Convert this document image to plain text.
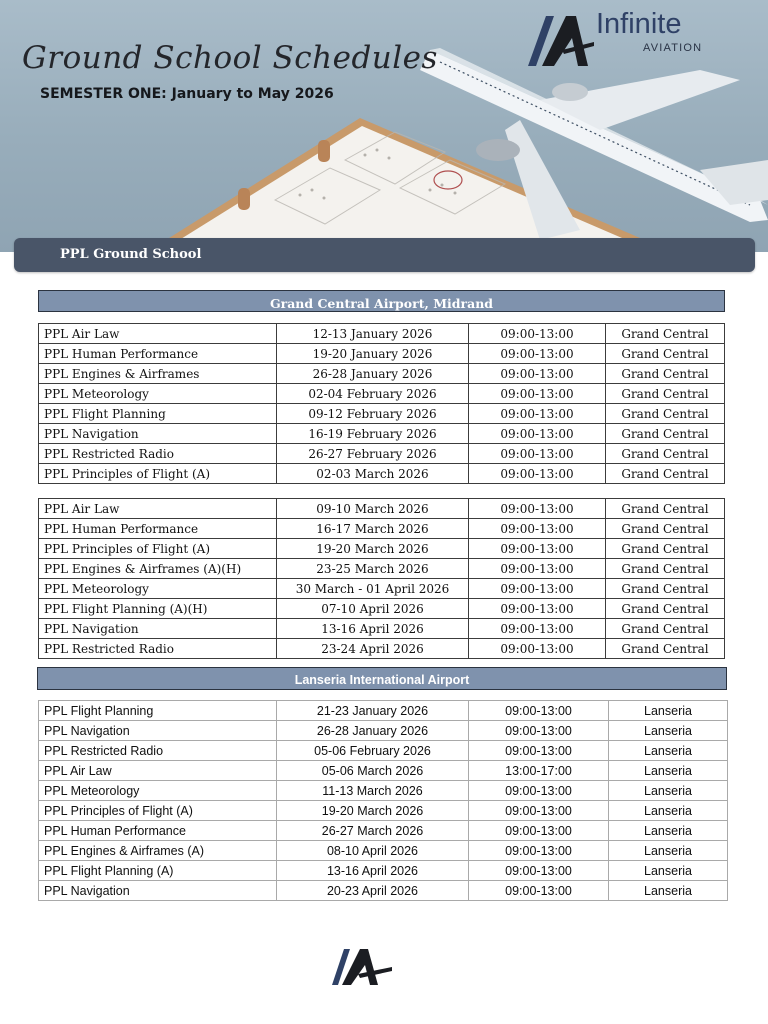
Ground School Schedules
SEMESTER ONE: January to May 2026
Infinite
AVIATION
PPL Ground School
Grand Central Airport, Midrand
PPL Air Law	12-13 January 2026	09:00-13:00	Grand Central
PPL Human Performance	19-20 January 2026	09:00-13:00	Grand Central
PPL Engines & Airframes	26-28 January 2026	09:00-13:00	Grand Central
PPL Meteorology	02-04 February 2026	09:00-13:00	Grand Central
PPL Flight Planning	09-12 February 2026	09:00-13:00	Grand Central
PPL Navigation	16-19 February 2026	09:00-13:00	Grand Central
PPL Restricted Radio	26-27 February 2026	09:00-13:00	Grand Central
PPL Principles of Flight (A)	02-03 March 2026	09:00-13:00	Grand Central
PPL Air Law	09-10 March 2026	09:00-13:00	Grand Central
PPL Human Performance	16-17 March 2026	09:00-13:00	Grand Central
PPL Principles of Flight (A)	19-20 March 2026	09:00-13:00	Grand Central
PPL Engines & Airframes (A)(H)	23-25 March 2026	09:00-13:00	Grand Central
PPL Meteorology	30 March - 01 April 2026	09:00-13:00	Grand Central
PPL Flight Planning (A)(H)	07-10 April 2026	09:00-13:00	Grand Central
PPL Navigation	13-16 April 2026	09:00-13:00	Grand Central
PPL Restricted Radio	23-24 April 2026	09:00-13:00	Grand Central
Lanseria International Airport
PPL Flight Planning	21-23 January 2026	09:00-13:00	Lanseria
PPL Navigation	26-28 January 2026	09:00-13:00	Lanseria
PPL Restricted Radio	05-06 February 2026	09:00-13:00	Lanseria
PPL Air Law	05-06 March 2026	13:00-17:00	Lanseria
PPL Meteorology	11-13 March 2026	09:00-13:00	Lanseria
PPL Principles of Flight (A)	19-20 March 2026	09:00-13:00	Lanseria
PPL Human Performance	26-27 March 2026	09:00-13:00	Lanseria
PPL Engines & Airframes (A)	08-10 April 2026	09:00-13:00	Lanseria
PPL Flight Planning (A)	13-16 April 2026	09:00-13:00	Lanseria
PPL Navigation	20-23 April 2026	09:00-13:00	Lanseria
